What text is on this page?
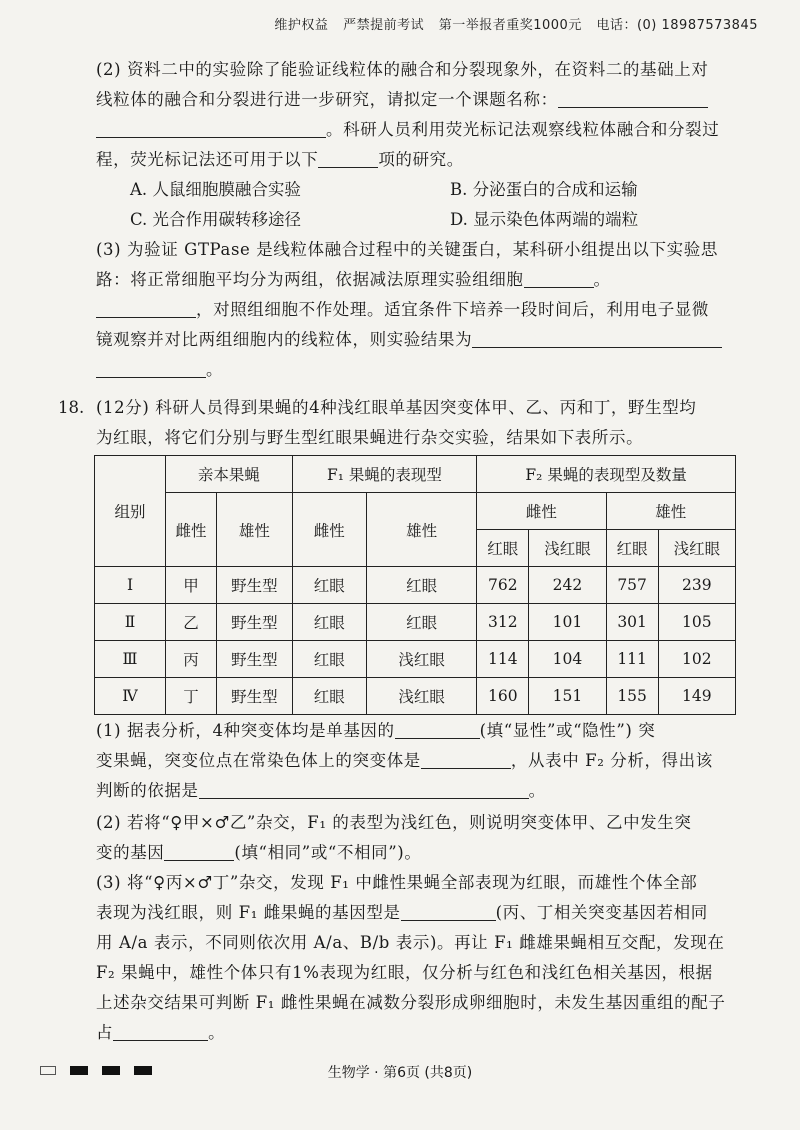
维护权益 严禁提前考试 第一举报者重奖1000元 电话：(0) 18987573845
(2) 资料二中的实验除了能验证线粒体的融合和分裂现象外，在资料二的基础上对
线粒体的融合和分裂进行进一步研究，请拟定一个课题名称：
。科研人员利用荧光标记法观察线粒体融合和分裂过
程，荧光标记法还可用于以下	项的研究。
A. 人鼠细胞膜融合实验	B. 分泌蛋白的合成和运输
C. 光合作用碳转移途径	D. 显示染色体两端的端粒
(3) 为验证 GTPase 是线粒体融合过程中的关键蛋白，某科研小组提出以下实验思
路：将正常细胞平均分为两组，依据减法原理实验组细胞	。
，对照组细胞不作处理。适宜条件下培养一段时间后，利用电子显微
镜观察并对比两组细胞内的线粒体，则实验结果为
。
18. (12分) 科研人员得到果蝇的4种浅红眼单基因突变体甲、乙、丙和丁，野生型均
为红眼，将它们分别与野生型红眼果蝇进行杂交实验，结果如下表所示。
组别	亲本果蝇		F₁ 果蝇的表现型		F₂ 果蝇的表现型及数量			
	雌性	雄性	雌性	雄性	雌性		雄性	
					红眼	浅红眼	红眼	浅红眼
Ⅰ	甲	野生型	红眼	红眼	762	242	757	239
Ⅱ	乙	野生型	红眼	红眼	312	101	301	105
Ⅲ	丙	野生型	红眼	浅红眼	114	104	111	102
Ⅳ	丁	野生型	红眼	浅红眼	160	151	155	149
(1) 据表分析，4种突变体均是单基因的	(填“显性”或“隐性”) 突
变果蝇，突变位点在常染色体上的突变体是	，从表中 F₂ 分析，得出该
判断的依据是	。
(2) 若将“♀甲×♂乙”杂交，F₁ 的表型为浅红色，则说明突变体甲、乙中发生突
变的基因	(填“相同”或“不相同”)。
(3) 将“♀丙×♂丁”杂交，发现 F₁ 中雌性果蝇全部表现为红眼，而雄性个体全部
表现为浅红眼，则 F₁ 雌果蝇的基因型是	(丙、丁相关突变基因若相同
用 A/a 表示，不同则依次用 A/a、B/b 表示)。再让 F₁ 雌雄果蝇相互交配，发现在
F₂ 果蝇中，雄性个体只有1%表现为红眼，仅分析与红色和浅红色相关基因，根据
上述杂交结果可判断 F₁ 雌性果蝇在减数分裂形成卵细胞时，未发生基因重组的配子
占	。
生物学 · 第6页 (共8页)
